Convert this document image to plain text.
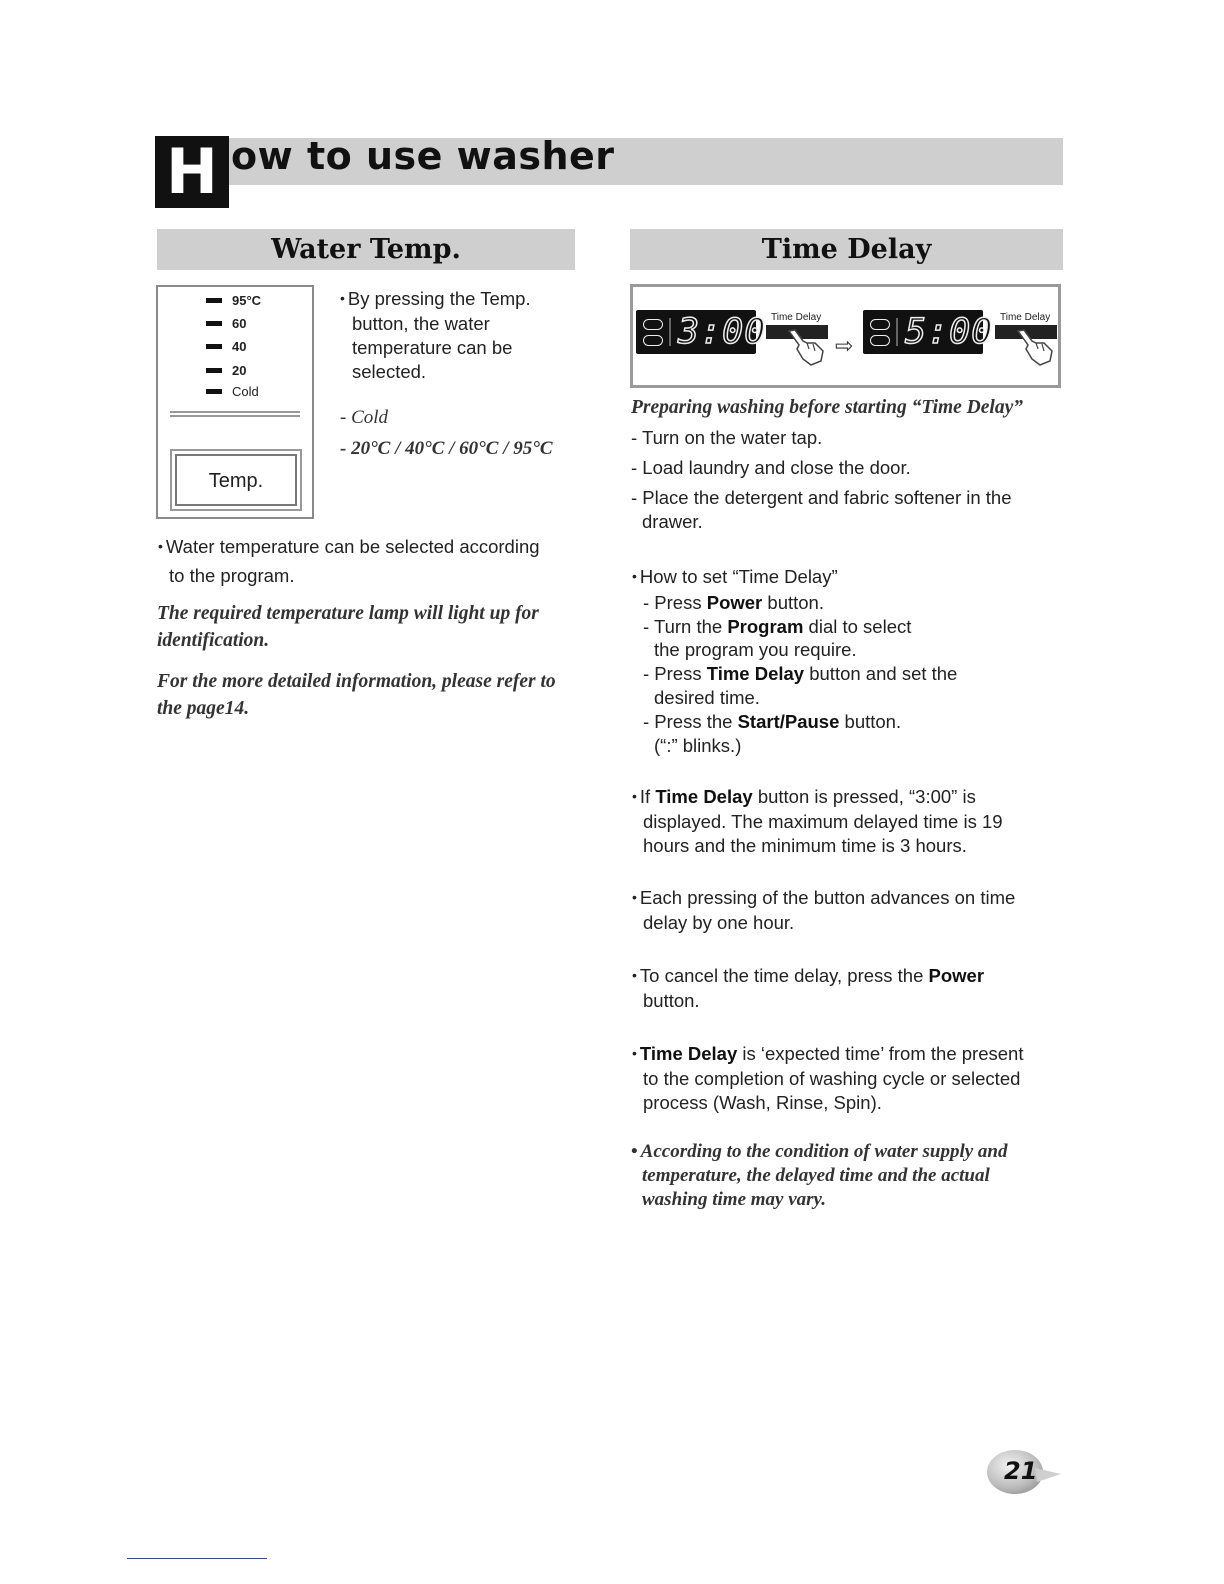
H ow to use washer
Water Temp.
95°C
60
40
20
Cold
Temp.
• By pressing the Temp.
button, the water
temperature can be
selected.
- Cold
- 20°C / 40°C / 60°C / 95°C
• Water temperature can be selected according
to the program.
The required temperature lamp will light up for
identification.
For the more detailed information, please refer to
the page14.
Time Delay
3:00 Time Delay
⇨ 5:00 Time Delay
Preparing washing before starting “Time Delay”
- Turn on the water tap.
- Load laundry and close the door.
- Place the detergent and fabric softener in the
drawer.
• How to set “Time Delay”
- Press Power button.
- Turn the Program dial to select
the program you require.
- Press Time Delay button and set the
desired time.
- Press the Start/Pause button.
(“:” blinks.)
• If Time Delay button is pressed, “3:00” is
displayed. The maximum delayed time is 19
hours and the minimum time is 3 hours.
• Each pressing of the button advances on time
delay by one hour.
• To cancel the time delay, press the Power
button.
• Time Delay is ‘expected time’ from the present
to the completion of washing cycle or selected
process (Wash, Rinse, Spin).
• According to the condition of water supply and
temperature, the delayed time and the actual
washing time may vary.
21
